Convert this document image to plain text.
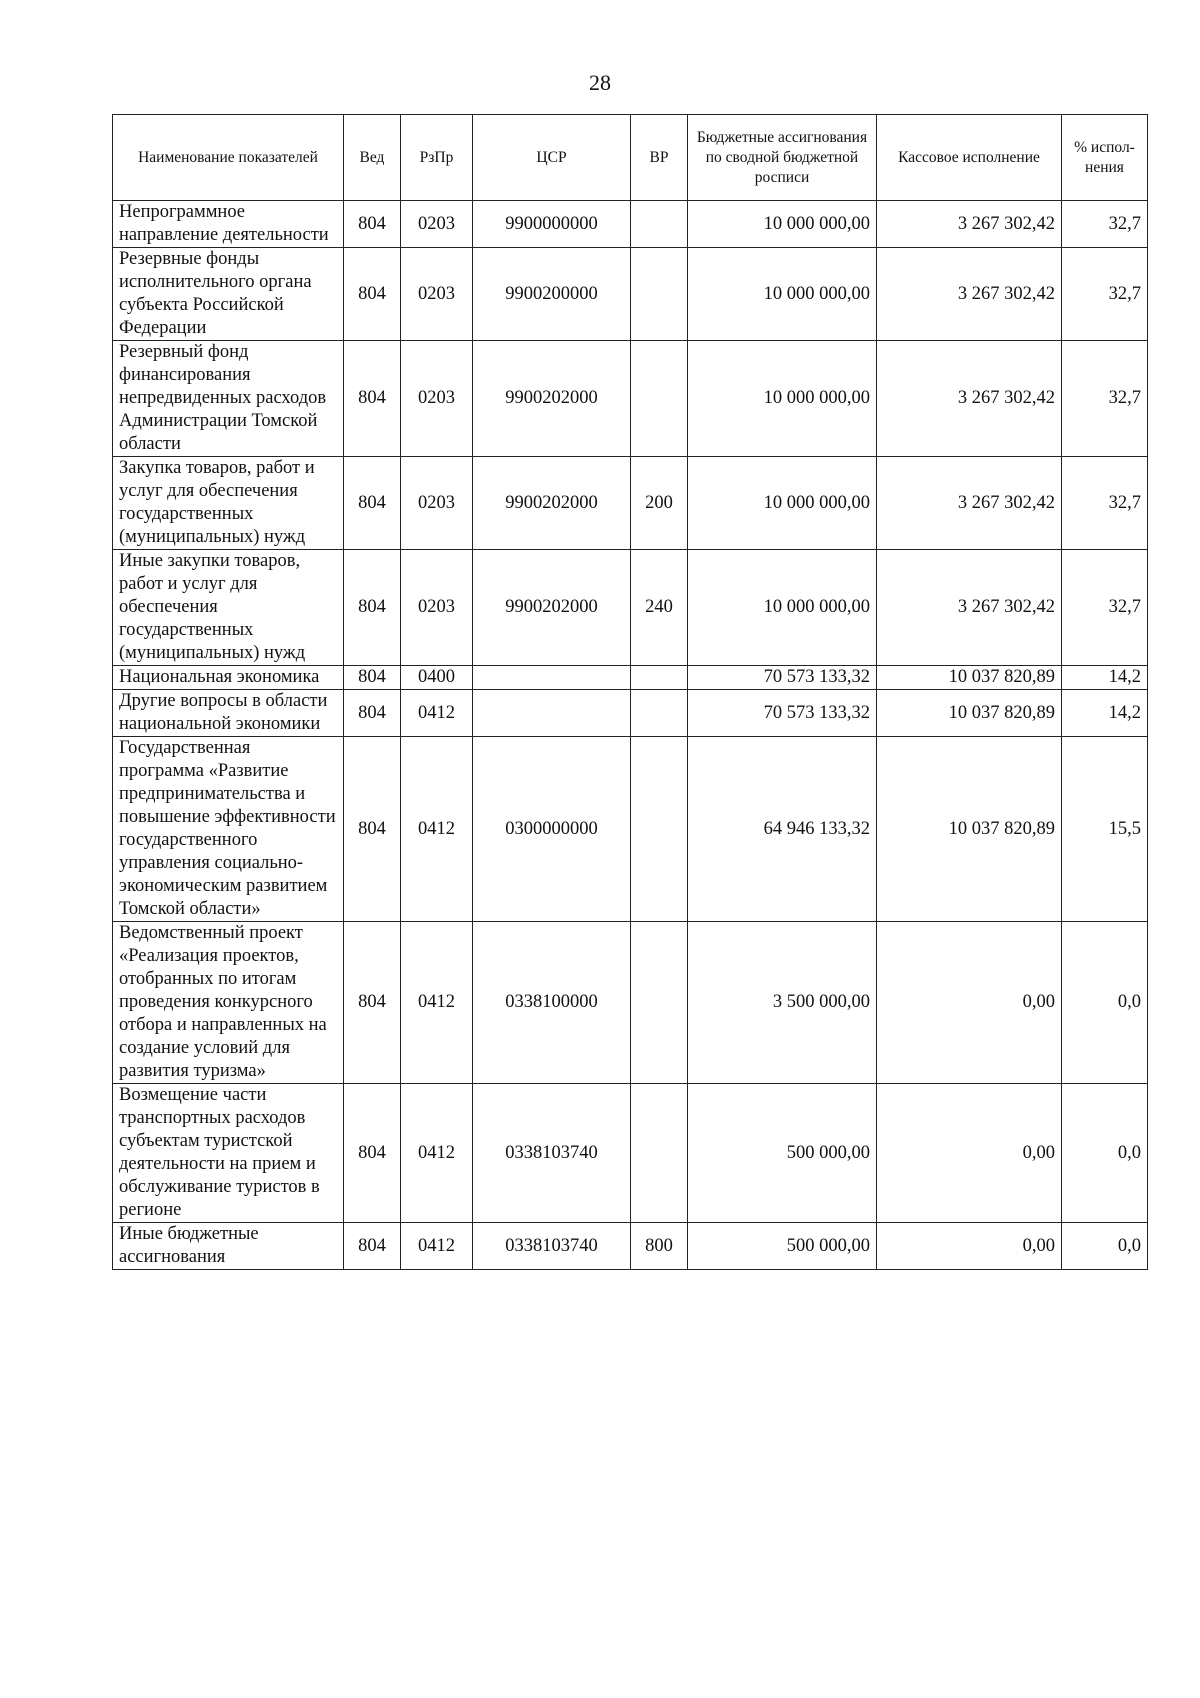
28
Наименование показателей	Вед	РзПр	ЦСР	ВР	Бюджетные ассигнования по сводной бюджетной росписи	Кассовое исполнение	% испол-нения
Непрограммное направление деятельности	804	0203	9900000000		10 000 000,00	3 267 302,42	32,7
Резервные фонды исполнительного органа субъекта Российской Федерации	804	0203	9900200000		10 000 000,00	3 267 302,42	32,7
Резервный фонд финансирования непредвиденных расходов Администрации Томской области	804	0203	9900202000		10 000 000,00	3 267 302,42	32,7
Закупка товаров, работ и услуг для обеспечения государственных (муниципальных) нужд	804	0203	9900202000	200	10 000 000,00	3 267 302,42	32,7
Иные закупки товаров, работ и услуг для обеспечения государственных (муниципальных) нужд	804	0203	9900202000	240	10 000 000,00	3 267 302,42	32,7
Национальная экономика	804	0400			70 573 133,32	10 037 820,89	14,2
Другие вопросы в области национальной экономики	804	0412			70 573 133,32	10 037 820,89	14,2
Государственная программа «Развитие предпринимательства и повышение эффективности государственного управления социально-экономическим развитием Томской области»	804	0412	0300000000		64 946 133,32	10 037 820,89	15,5
Ведомственный проект «Реализация проектов, отобранных по итогам проведения конкурсного отбора и направленных на создание условий для развития туризма»	804	0412	0338100000		3 500 000,00	0,00	0,0
Возмещение части транспортных расходов субъектам туристской деятельности на прием и обслуживание туристов в регионе	804	0412	0338103740		500 000,00	0,00	0,0
Иные бюджетные ассигнования	804	0412	0338103740	800	500 000,00	0,00	0,0
